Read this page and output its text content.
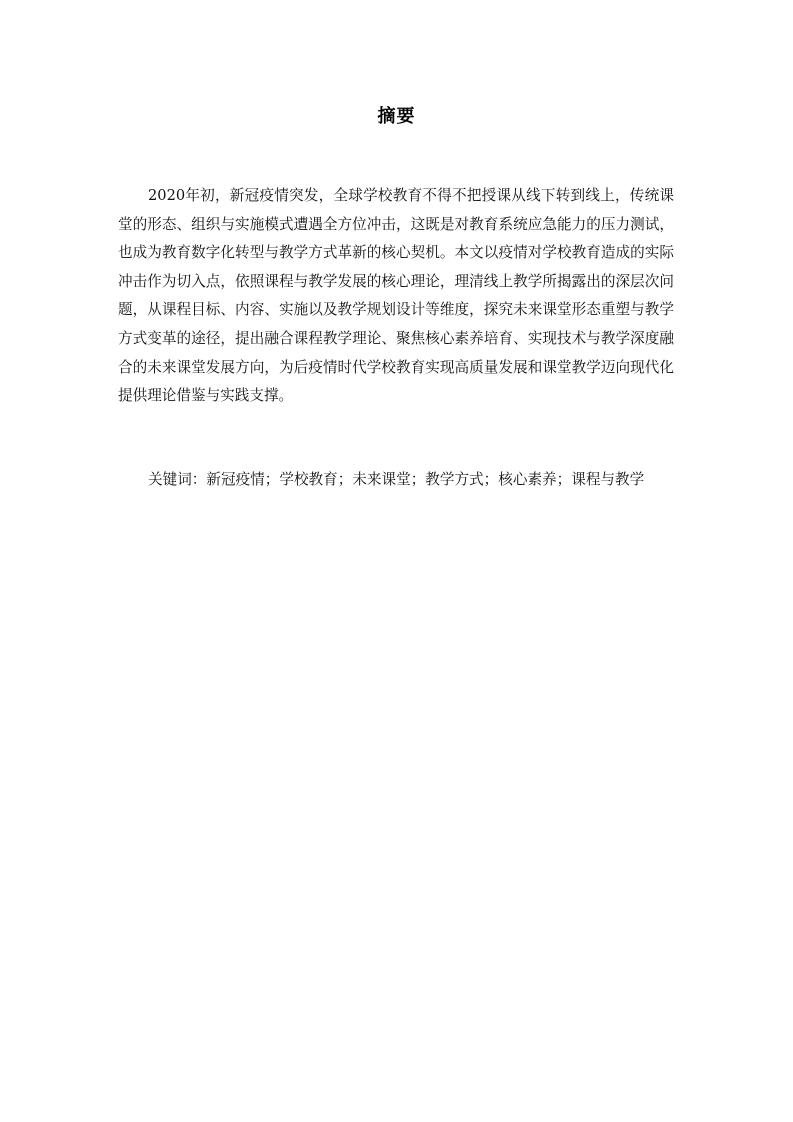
摘要

2020年初，新冠疫情突发，全球学校教育不得不把授课从线下转到线上，传统课堂的形态、组织与实施模式遭遇全方位冲击，这既是对教育系统应急能力的压力测试，也成为教育数字化转型与教学方式革新的核心契机。本文以疫情对学校教育造成的实际冲击作为切入点，依照课程与教学发展的核心理论，理清线上教学所揭露出的深层次问题，从课程目标、内容、实施以及教学规划设计等维度，探究未来课堂形态重塑与教学方式变革的途径，提出融合课程教学理论、聚焦核心素养培育、实现技术与教学深度融合的未来课堂发展方向，为后疫情时代学校教育实现高质量发展和课堂教学迈向现代化提供理论借鉴与实践支撑。

关键词：新冠疫情；学校教育；未来课堂；教学方式；核心素养；课程与教学
